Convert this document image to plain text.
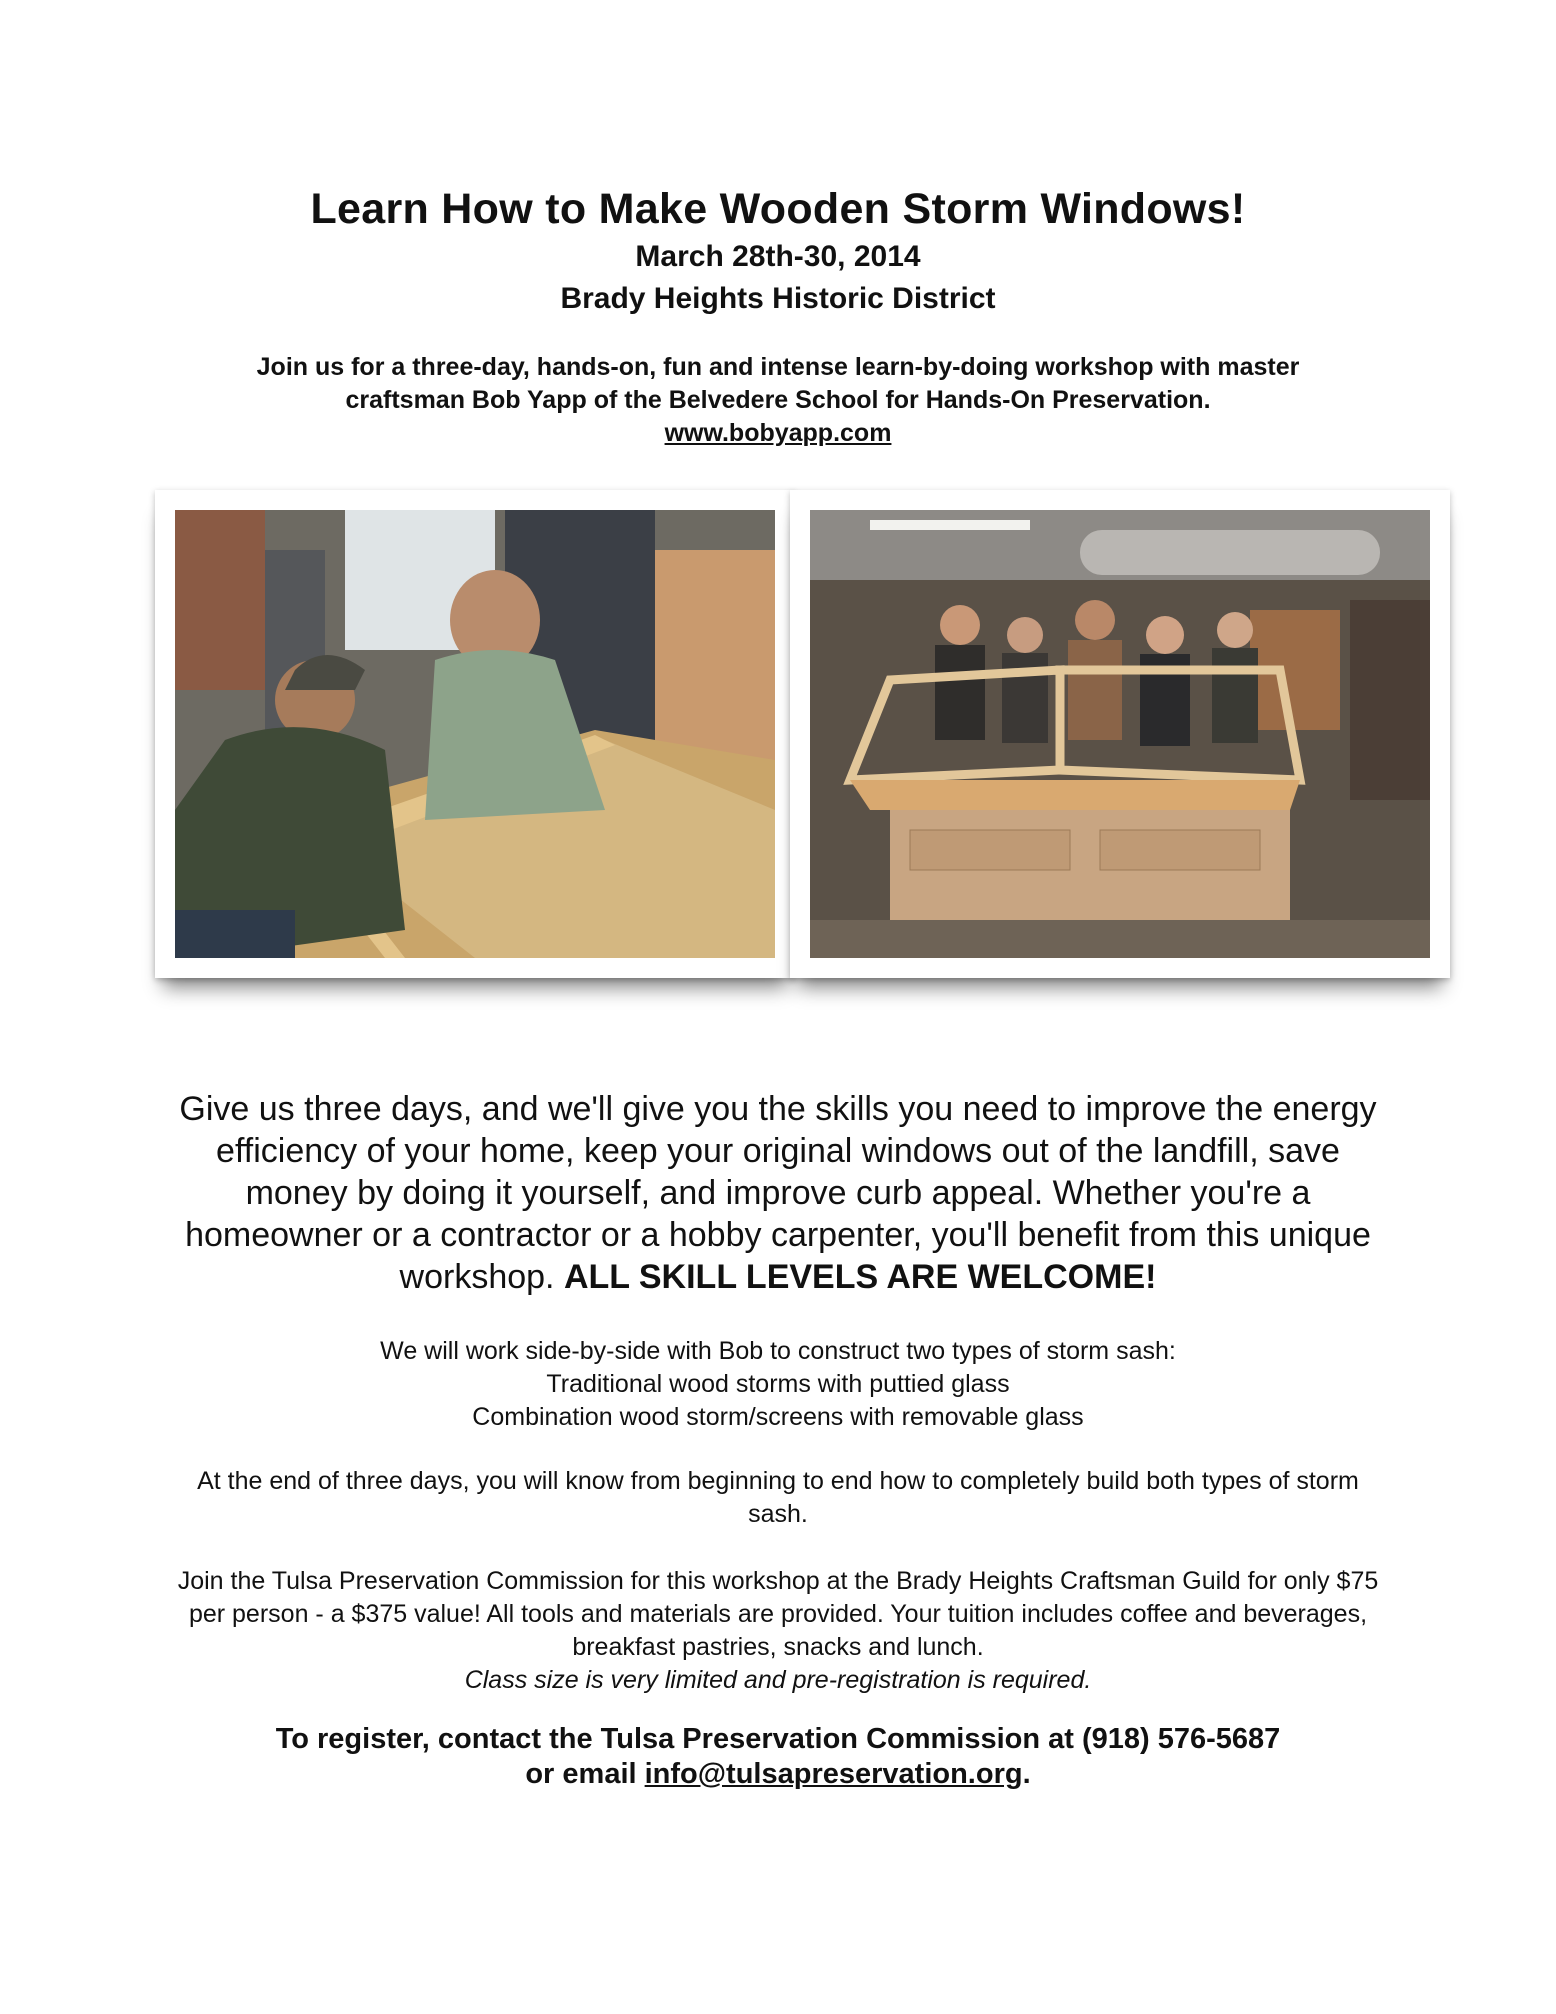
Learn How to Make Wooden Storm Windows!
March 28th-30, 2014
Brady Heights Historic District
Join us for a three-day, hands-on, fun and intense learn-by-doing workshop with master
craftsman Bob Yapp of the Belvedere School for Hands-On Preservation.
www.bobyapp.com
Give us three days, and we'll give you the skills you need to improve the energy efficiency of your home, keep your original windows out of the landfill, save money by doing it yourself, and improve curb appeal. Whether you're a homeowner or a contractor or a hobby carpenter, you'll benefit from this unique workshop. ALL SKILL LEVELS ARE WELCOME!
We will work side-by-side with Bob to construct two types of storm sash:
Traditional wood storms with puttied glass
Combination wood storm/screens with removable glass
At the end of three days, you will know from beginning to end how to completely build both types of storm sash.
Join the Tulsa Preservation Commission for this workshop at the Brady Heights Craftsman Guild for only $75 per person - a $375 value! All tools and materials are provided. Your tuition includes coffee and beverages, breakfast pastries, snacks and lunch.
Class size is very limited and pre-registration is required.
To register, contact the Tulsa Preservation Commission at (918) 576-5687
or email info@tulsapreservation.org.
